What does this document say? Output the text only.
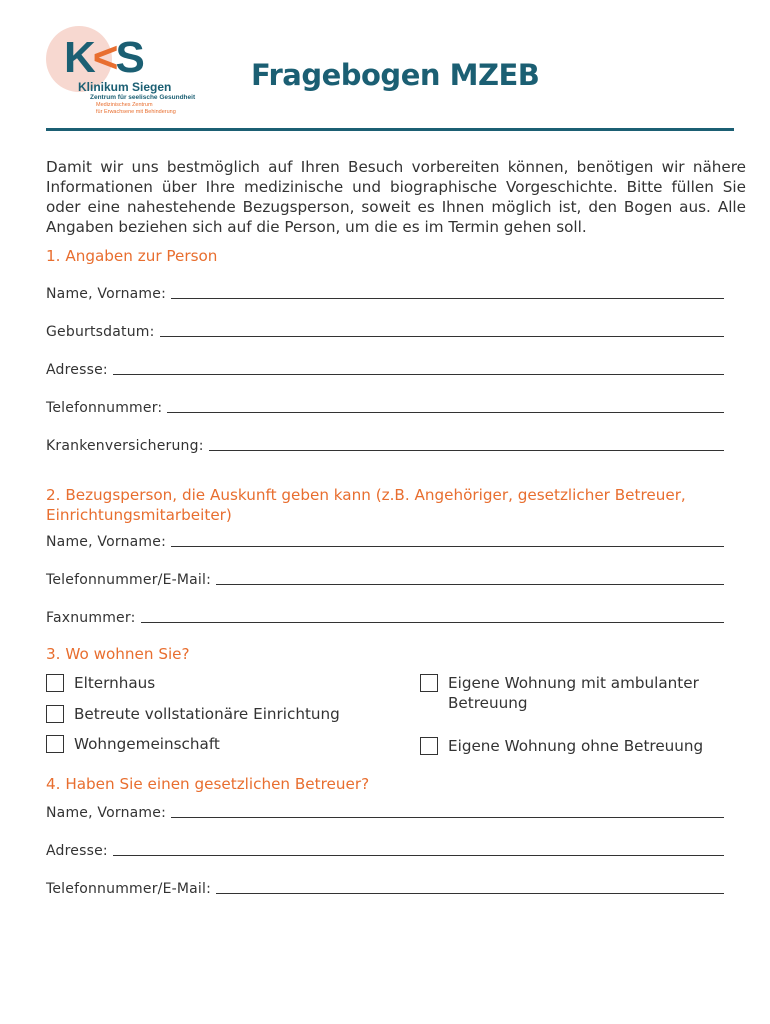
K<S
Klinikum Siegen
Zentrum für seelische Gesundheit
Medizinisches Zentrum
für Erwachsene mit Behinderung
Fragebogen MZEB
Damit wir uns bestmöglich auf Ihren Besuch vorbereiten können, benötigen wir nähere Informationen über Ihre medizinische und biographische Vorgeschichte. Bitte füllen Sie oder eine nahestehende Bezugsperson, soweit es Ihnen möglich ist, den Bogen aus. Alle Angaben beziehen sich auf die Person, um die es im Termin gehen soll.
1. Angaben zur Person
Name, Vorname:
Geburtsdatum:
Adresse:
Telefonnummer:
Krankenversicherung:
2. Bezugsperson, die Auskunft geben kann (z.B. Angehöriger, gesetzlicher Betreuer, Einrichtungsmitarbeiter)
Name, Vorname:
Telefonnummer/E-Mail:
Faxnummer:
3. Wo wohnen Sie?
Elternhaus
Betreute vollstationäre Einrichtung
Wohngemeinschaft
Eigene Wohnung mit ambulanter Betreuung
Eigene Wohnung ohne Betreuung
4. Haben Sie einen gesetzlichen Betreuer?
Name, Vorname:
Adresse:
Telefonnummer/E-Mail:
